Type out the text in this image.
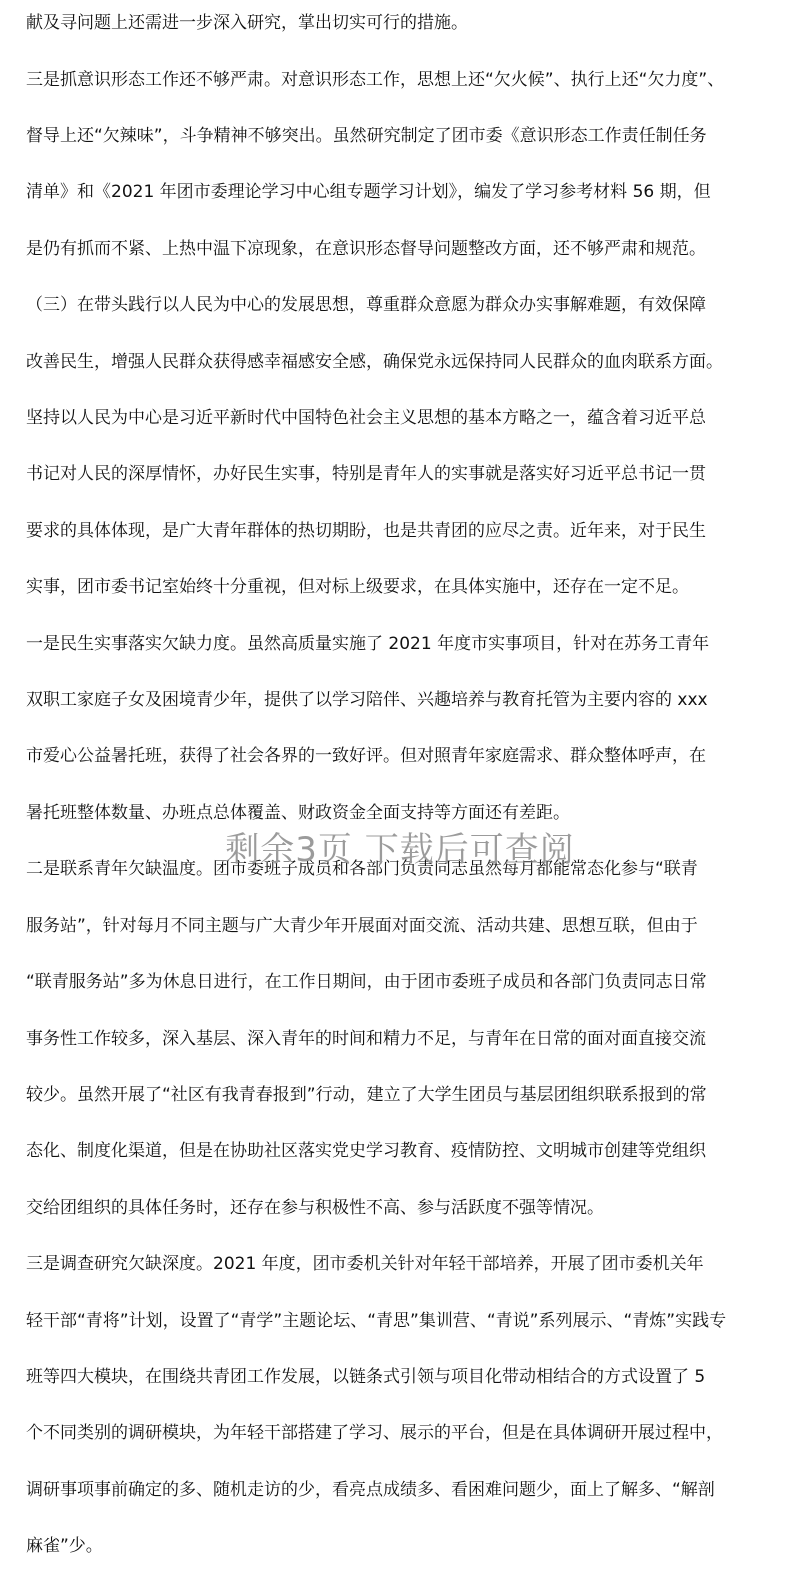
献及寻问题上还需进一步深入研究，掌出切实可行的措施。

三是抓意识形态工作还不够严肃。对意识形态工作，思想上还“欠火候”、执行上还“欠力度”、

督导上还“欠辣味”，斗争精神不够突出。虽然研究制定了团市委《意识形态工作责任制任务

清单》和《2021 年团市委理论学习中心组专题学习计划》，编发了学习参考材料 56 期，但

是仍有抓而不紧、上热中温下凉现象，在意识形态督导问题整改方面，还不够严肃和规范。

（三）在带头践行以人民为中心的发展思想，尊重群众意愿为群众办实事解难题，有效保障

改善民生，增强人民群众获得感幸福感安全感，确保党永远保持同人民群众的血肉联系方面。

坚持以人民为中心是习近平新时代中国特色社会主义思想的基本方略之一，蕴含着习近平总

书记对人民的深厚情怀，办好民生实事，特别是青年人的实事就是落实好习近平总书记一贯

要求的具体体现，是广大青年群体的热切期盼，也是共青团的应尽之责。近年来，对于民生

实事，团市委书记室始终十分重视，但对标上级要求，在具体实施中，还存在一定不足。

一是民生实事落实欠缺力度。虽然高质量实施了 2021 年度市实事项目，针对在苏务工青年

双职工家庭子女及困境青少年，提供了以学习陪伴、兴趣培养与教育托管为主要内容的 xxx

市爱心公益暑托班，获得了社会各界的一致好评。但对照青年家庭需求、群众整体呼声，在

暑托班整体数量、办班点总体覆盖、财政资金全面支持等方面还有差距。

二是联系青年欠缺温度。团市委班子成员和各部门负责同志虽然每月都能常态化参与“联青

服务站”，针对每月不同主题与广大青少年开展面对面交流、活动共建、思想互联，但由于

“联青服务站”多为休息日进行，在工作日期间，由于团市委班子成员和各部门负责同志日常

事务性工作较多，深入基层、深入青年的时间和精力不足，与青年在日常的面对面直接交流

较少。虽然开展了“社区有我青春报到”行动，建立了大学生团员与基层团组织联系报到的常

态化、制度化渠道，但是在协助社区落实党史学习教育、疫情防控、文明城市创建等党组织

交给团组织的具体任务时，还存在参与积极性不高、参与活跃度不强等情况。

三是调查研究欠缺深度。2021 年度，团市委机关针对年轻干部培养，开展了团市委机关年

轻干部“青将”计划，设置了“青学”主题论坛、“青思”集训营、“青说”系列展示、“青炼”实践专

班等四大模块，在围绕共青团工作发展，以链条式引领与项目化带动相结合的方式设置了 5

个不同类别的调研模块，为年轻干部搭建了学习、展示的平台，但是在具体调研开展过程中，

调研事项事前确定的多、随机走访的少，看亮点成绩多、看困难问题少，面上了解多、“解剖

麻雀”少。

剩余3页 下载后可查阅
